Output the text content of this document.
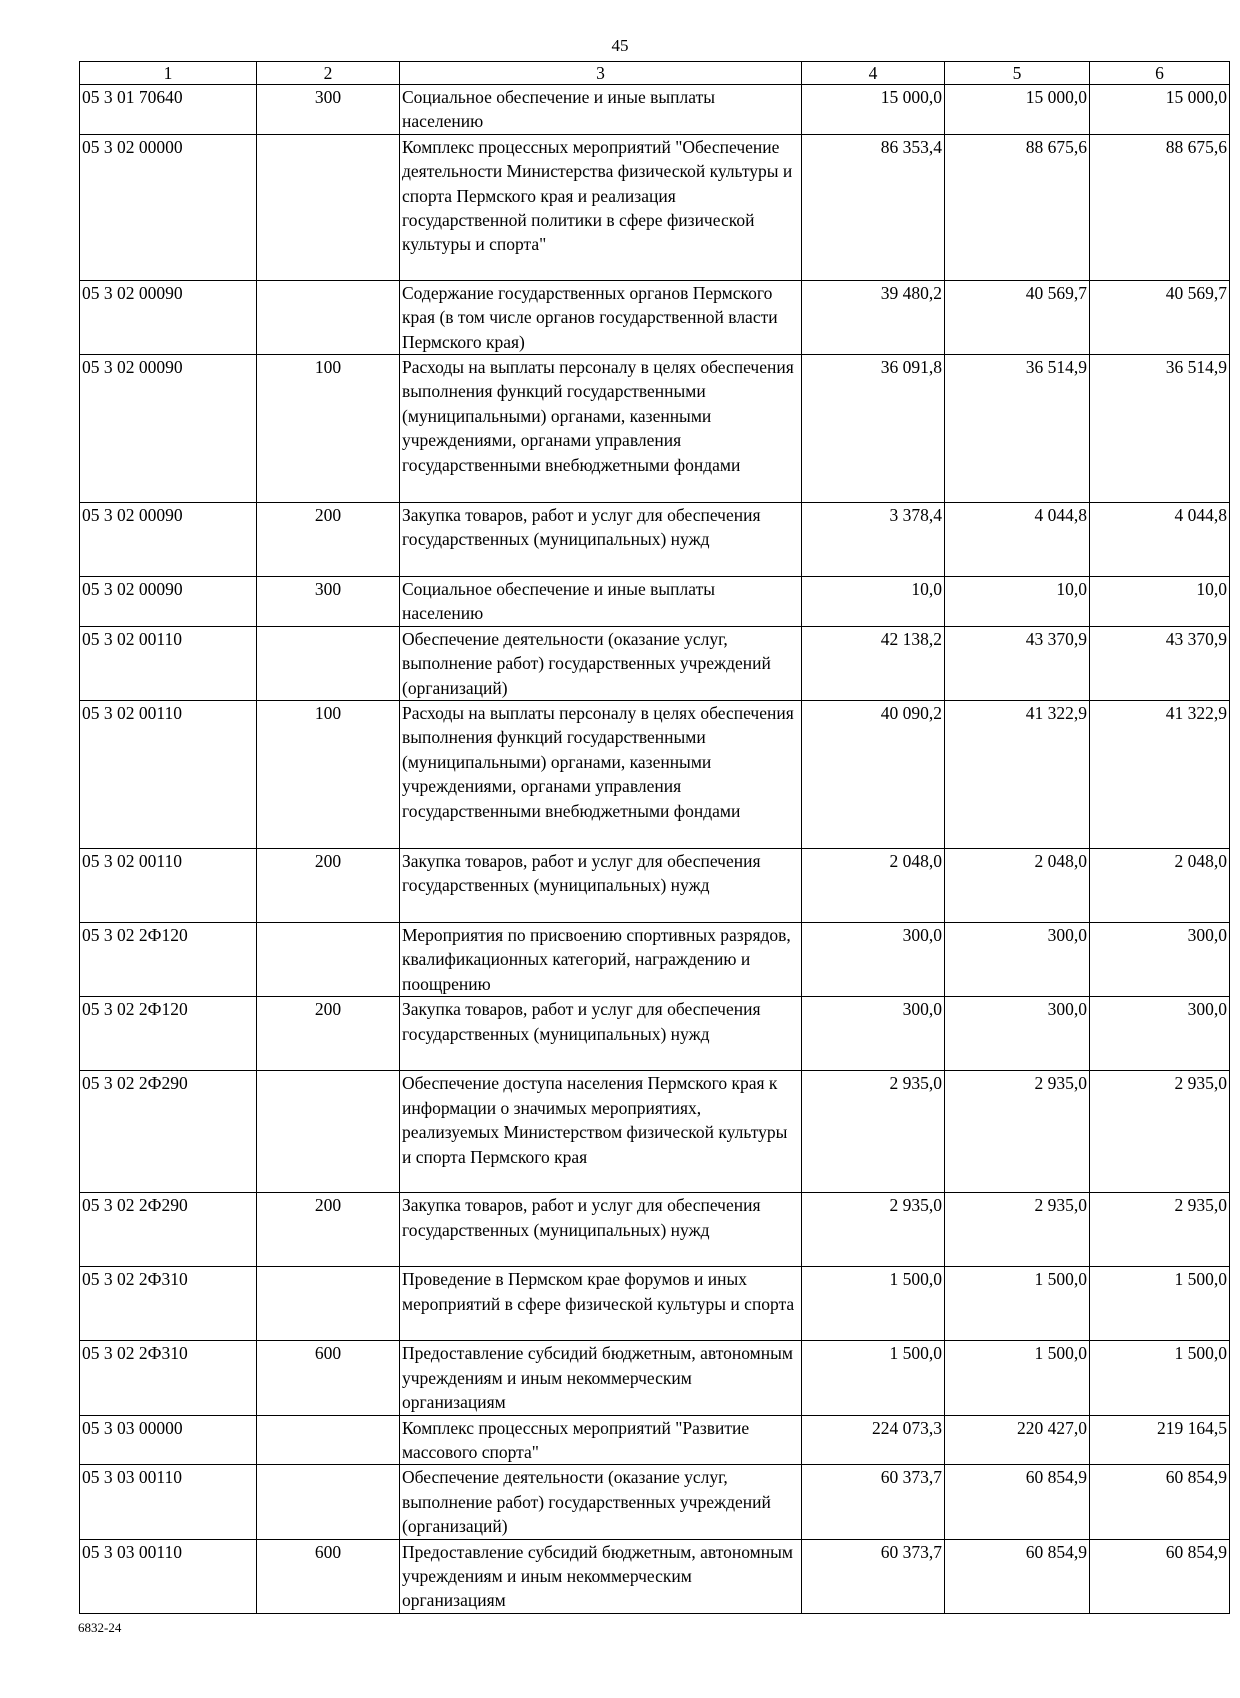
45
1	2	3	4	5	6
05 3 01 70640	300	Социальное обеспечение и иные выплаты населению	15 000,0	15 000,0	15 000,0
05 3 02 00000		Комплекс процессных мероприятий "Обеспечение деятельности Министерства физической культуры и спорта Пермского края и реализация государственной политики в сфере физической культуры и спорта"	86 353,4	88 675,6	88 675,6
05 3 02 00090		Содержание государственных органов Пермского края (в том числе органов государственной власти Пермского края)	39 480,2	40 569,7	40 569,7
05 3 02 00090	100	Расходы на выплаты персоналу в целях обеспечения выполнения функций государственными (муниципальными) органами, казенными учреждениями, органами управления государственными внебюджетными фондами	36 091,8	36 514,9	36 514,9
05 3 02 00090	200	Закупка товаров, работ и услуг для обеспечения государственных (муниципальных) нужд	3 378,4	4 044,8	4 044,8
05 3 02 00090	300	Социальное обеспечение и иные выплаты населению	10,0	10,0	10,0
05 3 02 00110		Обеспечение деятельности (оказание услуг, выполнение работ) государственных учреждений (организаций)	42 138,2	43 370,9	43 370,9
05 3 02 00110	100	Расходы на выплаты персоналу в целях обеспечения выполнения функций государственными (муниципальными) органами, казенными учреждениями, органами управления государственными внебюджетными фондами	40 090,2	41 322,9	41 322,9
05 3 02 00110	200	Закупка товаров, работ и услуг для обеспечения государственных (муниципальных) нужд	2 048,0	2 048,0	2 048,0
05 3 02 2Ф120		Мероприятия по присвоению спортивных разрядов, квалификационных категорий, награждению и поощрению	300,0	300,0	300,0
05 3 02 2Ф120	200	Закупка товаров, работ и услуг для обеспечения государственных (муниципальных) нужд	300,0	300,0	300,0
05 3 02 2Ф290		Обеспечение доступа населения Пермского края к информации о значимых мероприятиях, реализуемых Министерством физической культуры и спорта Пермского края	2 935,0	2 935,0	2 935,0
05 3 02 2Ф290	200	Закупка товаров, работ и услуг для обеспечения государственных (муниципальных) нужд	2 935,0	2 935,0	2 935,0
05 3 02 2Ф310		Проведение в Пермском крае форумов и иных мероприятий в сфере физической культуры и спорта	1 500,0	1 500,0	1 500,0
05 3 02 2Ф310	600	Предоставление субсидий бюджетным, автономным учреждениям и иным некоммерческим организациям	1 500,0	1 500,0	1 500,0
05 3 03 00000		Комплекс процессных мероприятий "Развитие массового спорта"	224 073,3	220 427,0	219 164,5
05 3 03 00110		Обеспечение деятельности (оказание услуг, выполнение работ) государственных учреждений (организаций)	60 373,7	60 854,9	60 854,9
05 3 03 00110	600	Предоставление субсидий бюджетным, автономным учреждениям и иным некоммерческим организациям	60 373,7	60 854,9	60 854,9
6832-24
